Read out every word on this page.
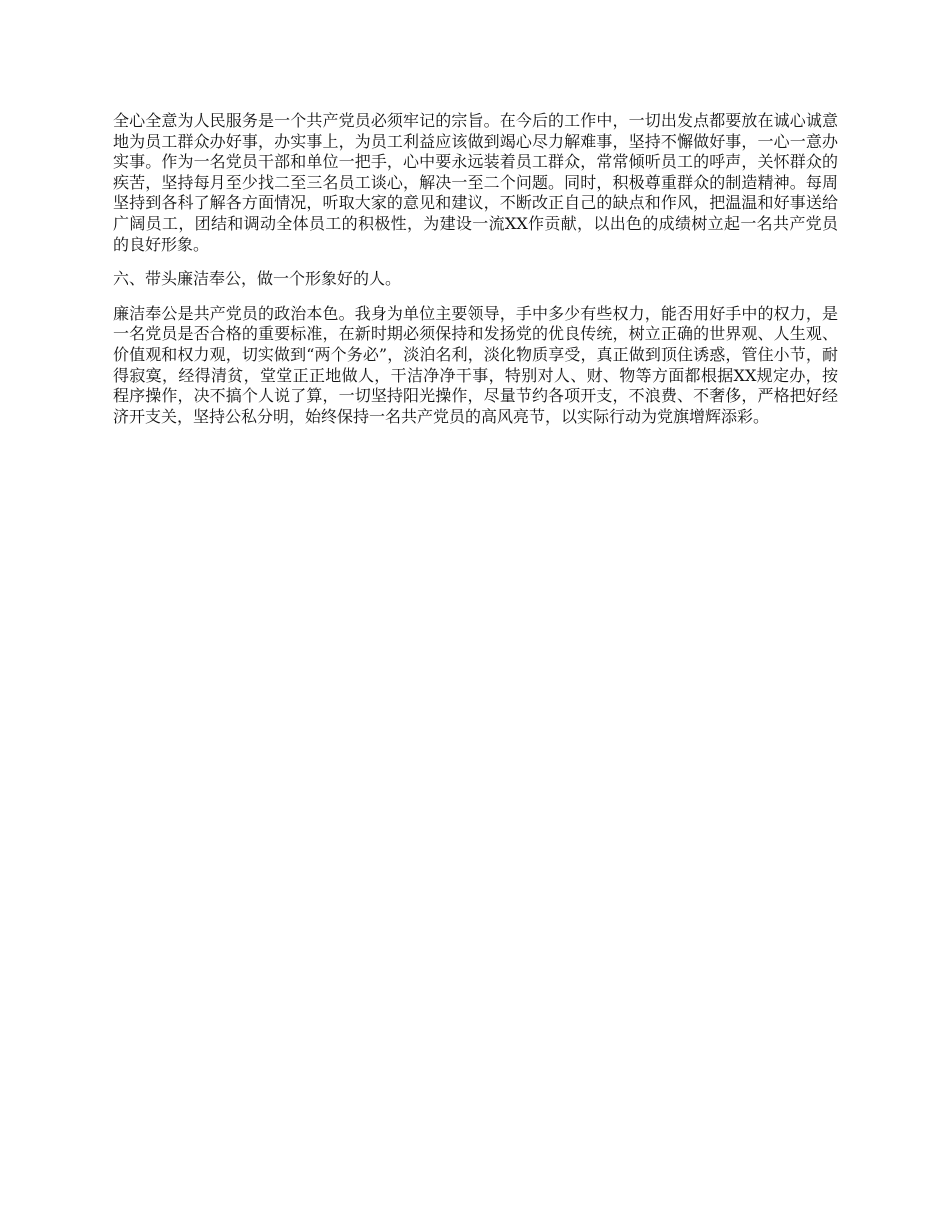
全心全意为人民服务是一个共产党员必须牢记的宗旨。在今后的工作中，一切出发点都要放在诚心诚意地为员工群众办好事，办实事上，为员工利益应该做到竭心尽力解难事，坚持不懈做好事，一心一意办实事。作为一名党员干部和单位一把手，心中要永远装着员工群众，常常倾听员工的呼声，关怀群众的疾苦，坚持每月至少找二至三名员工谈心，解决一至二个问题。同时，积极尊重群众的制造精神。每周坚持到各科了解各方面情况，听取大家的意见和建议，不断改正自己的缺点和作风，把温温和好事送给广阔员工，团结和调动全体员工的积极性，为建设一流XX作贡献，以出色的成绩树立起一名共产党员的良好形象。

六、带头廉洁奉公，做一个形象好的人。

廉洁奉公是共产党员的政治本色。我身为单位主要领导，手中多少有些权力，能否用好手中的权力，是一名党员是否合格的重要标准，在新时期必须保持和发扬党的优良传统，树立正确的世界观、人生观、价值观和权力观，切实做到“两个务必”，淡泊名利，淡化物质享受，真正做到顶住诱惑，管住小节，耐得寂寞，经得清贫，堂堂正正地做人，干洁净净干事，特别对人、财、物等方面都根据XX规定办，按程序操作，决不搞个人说了算，一切坚持阳光操作，尽量节约各项开支，不浪费、不奢侈，严格把好经济开支关，坚持公私分明，始终保持一名共产党员的高风亮节，以实际行动为党旗增辉添彩。
